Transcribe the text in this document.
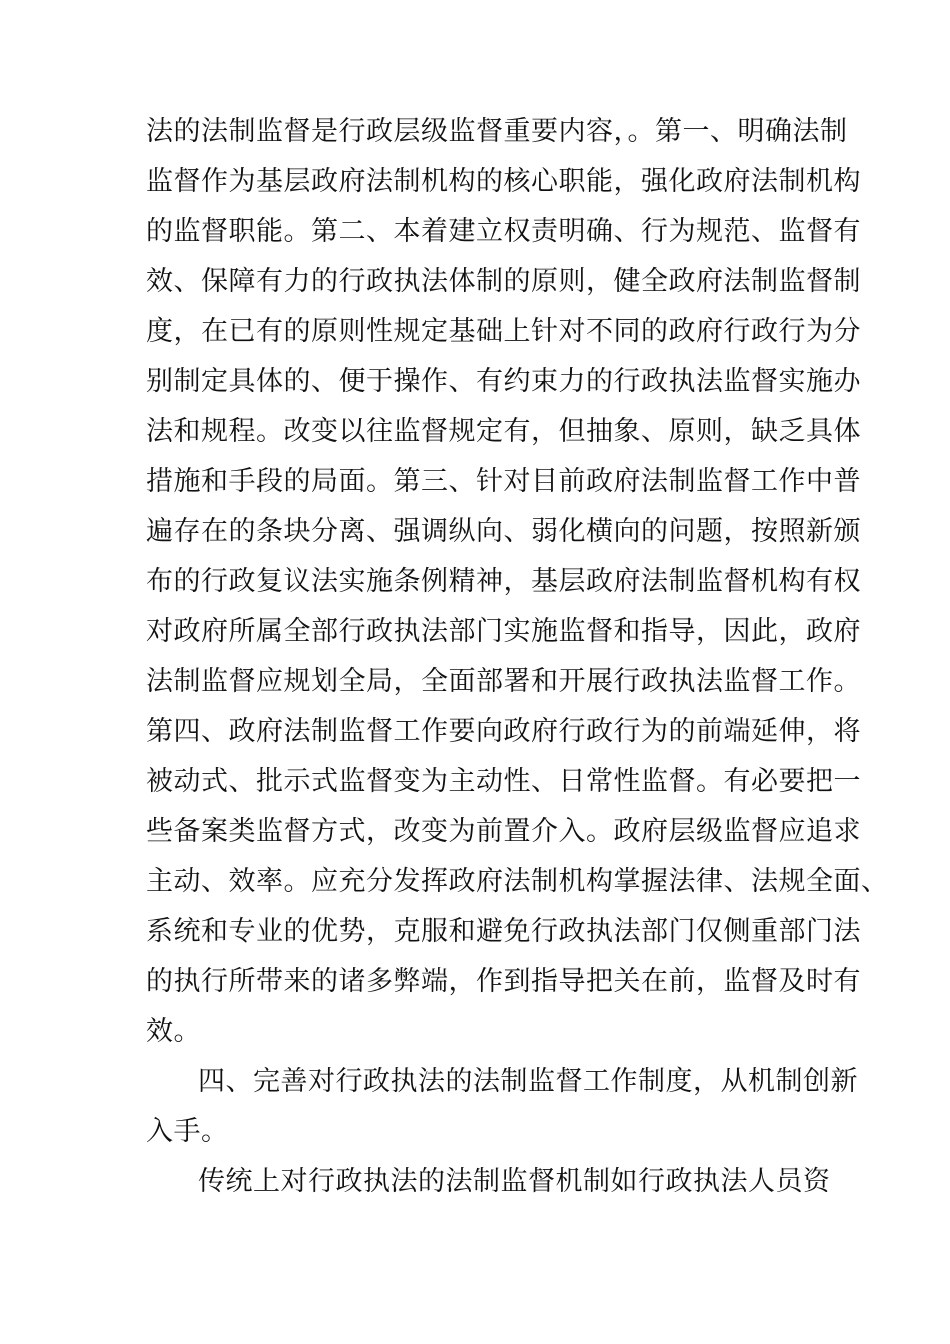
法的法制监督是行政层级监督重要内容，。第一、明确法制
监督作为基层政府法制机构的核心职能，强化政府法制机构
的监督职能。第二、本着建立权责明确、行为规范、监督有
效、保障有力的行政执法体制的原则，健全政府法制监督制
度，在已有的原则性规定基础上针对不同的政府行政行为分
别制定具体的、便于操作、有约束力的行政执法监督实施办
法和规程。改变以往监督规定有，但抽象、原则，缺乏具体
措施和手段的局面。第三、针对目前政府法制监督工作中普
遍存在的条块分离、强调纵向、弱化横向的问题，按照新颁
布的行政复议法实施条例精神，基层政府法制监督机构有权
对政府所属全部行政执法部门实施监督和指导，因此，政府
法制监督应规划全局，全面部署和开展行政执法监督工作。
第四、政府法制监督工作要向政府行政行为的前端延伸，将
被动式、批示式监督变为主动性、日常性监督。有必要把一
些备案类监督方式，改变为前置介入。政府层级监督应追求
主动、效率。应充分发挥政府法制机构掌握法律、法规全面、
系统和专业的优势，克服和避免行政执法部门仅侧重部门法
的执行所带来的诸多弊端，作到指导把关在前，监督及时有
效。
四、完善对行政执法的法制监督工作制度，从机制创新
入手。
传统上对行政执法的法制监督机制如行政执法人员资
